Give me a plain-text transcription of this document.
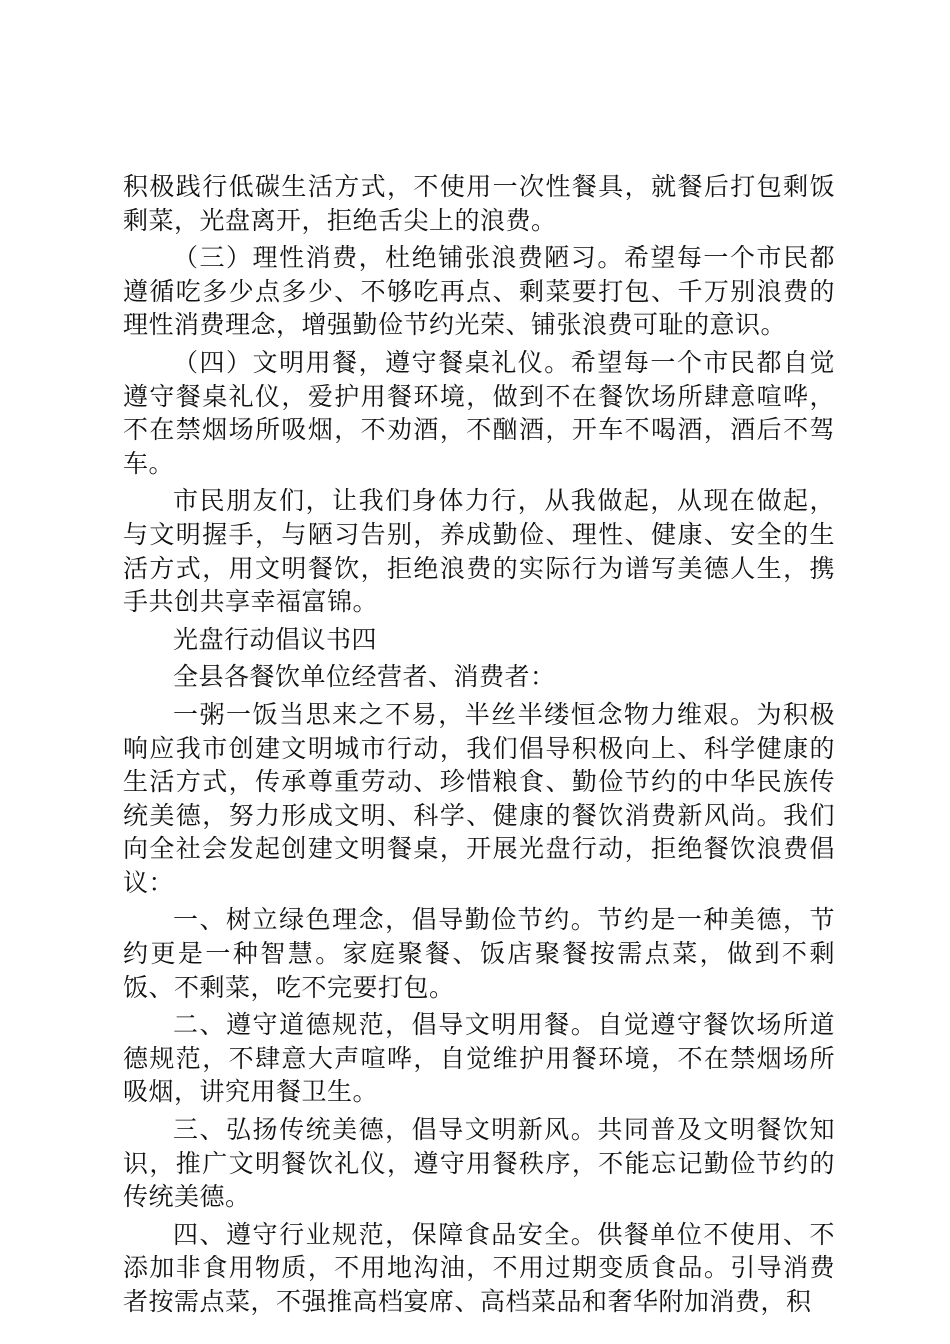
积极践行低碳生活方式，不使用一次性餐具，就餐后打包剩饭剩菜，光盘离开，拒绝舌尖上的浪费。

（三）理性消费，杜绝铺张浪费陋习。希望每一个市民都遵循吃多少点多少、不够吃再点、剩菜要打包、千万别浪费的理性消费理念，增强勤俭节约光荣、铺张浪费可耻的意识。

（四）文明用餐，遵守餐桌礼仪。希望每一个市民都自觉遵守餐桌礼仪，爱护用餐环境，做到不在餐饮场所肆意喧哗，不在禁烟场所吸烟，不劝酒，不酗酒，开车不喝酒，酒后不驾车。

市民朋友们，让我们身体力行，从我做起，从现在做起，与文明握手，与陋习告别，养成勤俭、理性、健康、安全的生活方式，用文明餐饮，拒绝浪费的实际行为谱写美德人生，携手共创共享幸福富锦。

光盘行动倡议书四

全县各餐饮单位经营者、消费者：

一粥一饭当思来之不易，半丝半缕恒念物力维艰。为积极响应我市创建文明城市行动，我们倡导积极向上、科学健康的生活方式，传承尊重劳动、珍惜粮食、勤俭节约的中华民族传统美德，努力形成文明、科学、健康的餐饮消费新风尚。我们向全社会发起创建文明餐桌，开展光盘行动，拒绝餐饮浪费倡议：

一、树立绿色理念，倡导勤俭节约。节约是一种美德，节约更是一种智慧。家庭聚餐、饭店聚餐按需点菜，做到不剩饭、不剩菜，吃不完要打包。

二、遵守道德规范，倡导文明用餐。自觉遵守餐饮场所道德规范，不肆意大声喧哗，自觉维护用餐环境，不在禁烟场所吸烟，讲究用餐卫生。

三、弘扬传统美德，倡导文明新风。共同普及文明餐饮知识，推广文明餐饮礼仪，遵守用餐秩序，不能忘记勤俭节约的传统美德。

四、遵守行业规范，保障食品安全。供餐单位不使用、不添加非食用物质，不用地沟油，不用过期变质食品。引导消费者按需点菜，不强推高档宴席、高档菜品和奢华附加消费，积
